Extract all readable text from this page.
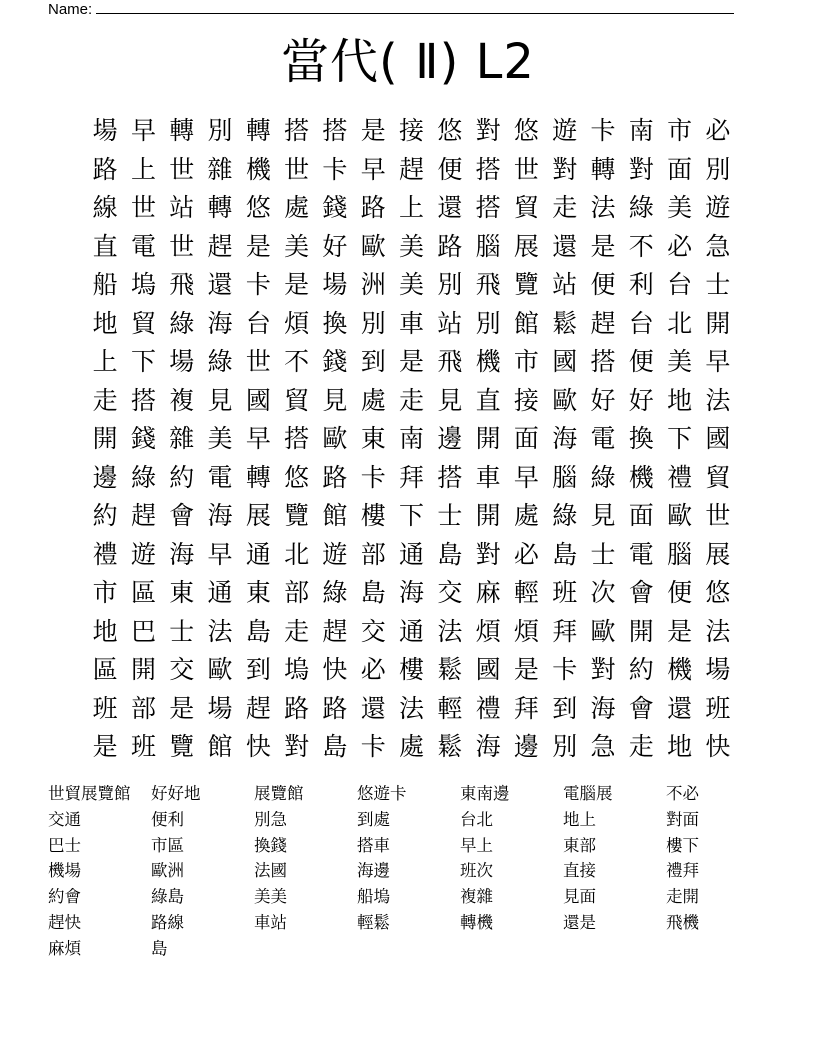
Name:
當代( Ⅱ) L2
場 早 轉 別 轉 搭 搭 是 接 悠 對 悠 遊 卡 南 市 必
路 上 世 雜 機 世 卡 早 趕 便 搭 世 對 轉 對 面 別
線 世 站 轉 悠 處 錢 路 上 還 搭 貿 走 法 綠 美 遊
直 電 世 趕 是 美 好 歐 美 路 腦 展 還 是 不 必 急
船 塢 飛 還 卡 是 場 洲 美 別 飛 覽 站 便 利 台 士
地 貿 綠 海 台 煩 換 別 車 站 別 館 鬆 趕 台 北 開
上 下 場 綠 世 不 錢 到 是 飛 機 市 國 搭 便 美 早
走 搭 複 見 國 貿 見 處 走 見 直 接 歐 好 好 地 法
開 錢 雜 美 早 搭 歐 東 南 邊 開 面 海 電 換 下 國
邊 綠 約 電 轉 悠 路 卡 拜 搭 車 早 腦 綠 機 禮 貿
約 趕 會 海 展 覽 館 樓 下 士 開 處 綠 見 面 歐 世
禮 遊 海 早 通 北 遊 部 通 島 對 必 島 士 電 腦 展
市 區 東 通 東 部 綠 島 海 交 麻 輕 班 次 會 便 悠
地 巴 士 法 島 走 趕 交 通 法 煩 煩 拜 歐 開 是 法
區 開 交 歐 到 塢 快 必 樓 鬆 國 是 卡 對 約 機 場
班 部 是 場 趕 路 路 還 法 輕 禮 拜 到 海 會 還 班
是 班 覽 館 快 對 島 卡 處 鬆 海 邊 別 急 走 地 快
世貿展覽館	好好地	展覽館	悠遊卡	東南邊	電腦展	不必
交通	便利	別急	到處	台北	地上	對面
巴士	市區	換錢	搭車	早上	東部	樓下
機場	歐洲	法國	海邊	班次	直接	禮拜
約會	綠島	美美	船塢	複雜	見面	走開
趕快	路線	車站	輕鬆	轉機	還是	飛機
麻煩	島
